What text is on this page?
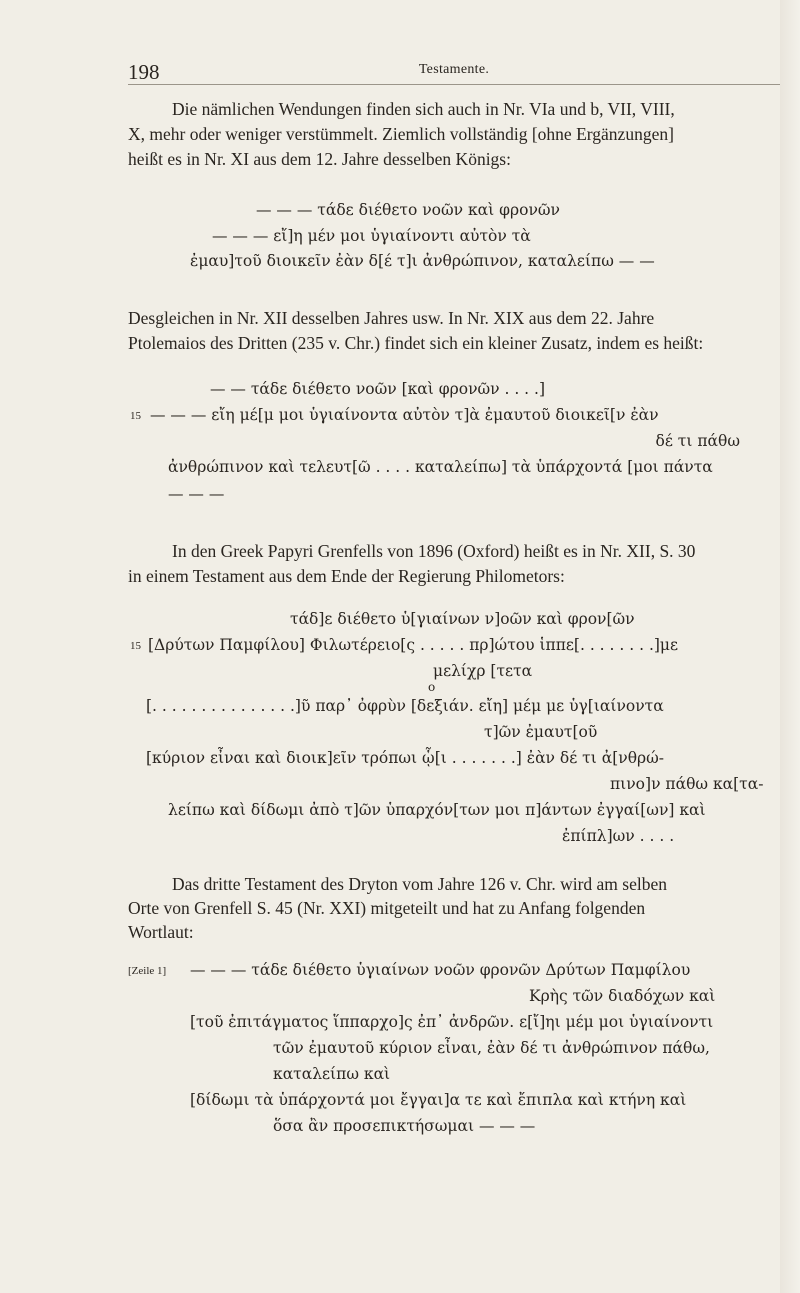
198	Testamente.
Die nämlichen Wendungen finden sich auch in Nr. VIa und b, VII, VIII,
X, mehr oder weniger verstümmelt. Ziemlich vollständig [ohne Ergänzungen]
heißt es in Nr. XI aus dem 12. Jahre desselben Königs:
— — — τάδε διέθετο νοῶν καὶ φρονῶν
— — — εἴ]η μέν μοι ὑγιαίνοντι αὐτὸν τὰ
ἐμαυ]τοῦ διοικεῖν ἐὰν δ[έ τ]ι ἀνθρώπινον, καταλείπω — —
Desgleichen in Nr. XII desselben Jahres usw. In Nr. XIX aus dem 22. Jahre
Ptolemaios des Dritten (235 v. Chr.) findet sich ein kleiner Zusatz, indem es heißt:
— — τάδε διέθετο νοῶν [καὶ φρονῶν . . . .]
15 — — — εἴη μέ[μ μοι ὑγιαίνοντα αὐτὸν τ]ὰ ἐμαυτοῦ διοικεῖ[ν ἐὰν
δέ τι πάθω
ἀνθρώπινον καὶ τελευτ[ῶ . . . . καταλείπω] τὰ ὑπάρχοντά [μοι πάντα
— — —
In den Greek Papyri Grenfells von 1896 (Oxford) heißt es in Nr. XII, S. 30
in einem Testament aus dem Ende der Regierung Philometors:
τάδ]ε διέθετο ὑ[γιαίνων ν]οῶν καὶ φρον[ῶν
15 [Δρύτων Παμφίλου] Φιλωτέρειο[ς . . . . . πρ]ώτου ἱππε[. . . . . . . .]με
μελίχρ [τετα
ο
[. . . . . . . . . . . . . . .]ῦ παρ᾽ ὀφρὺν [δεξιάν. εἴη] μέμ με ὑγ[ιαίνοντα
τ]ῶν ἐμαυτ[οῦ
[κύριον εἶναι καὶ διοικ]εῖν τρόπωι ᾧ[ι . . . . . . .] ἐὰν δέ τι ἀ[νθρώ-
πινο]ν πάθω κα[τα-
λείπω καὶ δίδωμι ἀπὸ τ]ῶν ὑπαρχόν[των μοι π]άντων ἐγγαί[ων] καὶ
ἐπίπλ]ων . . . .
Das dritte Testament des Dryton vom Jahre 126 v. Chr. wird am selben
Orte von Grenfell S. 45 (Nr. XXI) mitgeteilt und hat zu Anfang folgenden
Wortlaut:
[Zeile 1] — — — τάδε διέθετο ὑγιαίνων νοῶν φρονῶν Δρύτων Παμφίλου
Κρὴς τῶν διαδόχων καὶ
[τοῦ ἐπιτάγματος ἵππαρχο]ς ἐπ᾽ ἀνδρῶν. ε[ἴ]ηι μέμ μοι ὑγιαίνοντι
τῶν ἐμαυτοῦ κύριον εἶναι, ἐὰν δέ τι ἀνθρώπινον πάθω,
καταλείπω καὶ
[δίδωμι τὰ ὑπάρχοντά μοι ἔγγαι]α τε καὶ ἔπιπλα καὶ κτήνη καὶ
ὅσα ἂν προσεπικτήσωμαι — — —
